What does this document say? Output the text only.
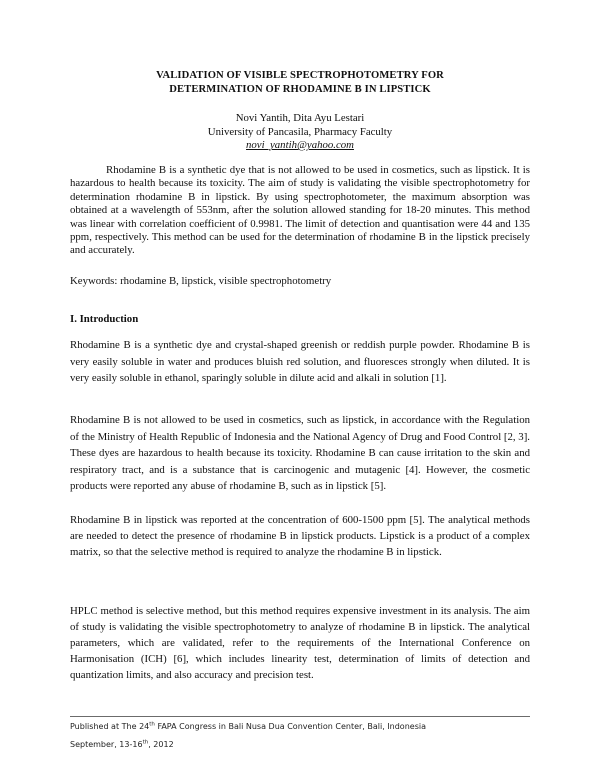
VALIDATION OF VISIBLE SPECTROPHOTOMETRY FOR
DETERMINATION OF RHODAMINE B IN LIPSTICK
Novi Yantih, Dita Ayu Lestari
University of Pancasila, Pharmacy Faculty
novi_yantih@yahoo.com

Rhodamine B is a synthetic dye that is not allowed to be used in cosmetics, such as lipstick. It is hazardous to health because its toxicity. The aim of study is validating the visible spectrophotometry for determination rhodamine B in lipstick. By using spectrophotometer, the maximum absorption was obtained at a wavelength of 553nm, after the solution allowed standing for 18-20 minutes. This method was linear with correlation coefficient of 0.9981. The limit of detection and quantisation were 44 and 135 ppm, respectively. This method can be used for the determination of rhodamine B in the lipstick precisely and accurately.

Keywords: rhodamine B, lipstick, visible spectrophotometry

I. Introduction

Rhodamine B is a synthetic dye and crystal-shaped greenish or reddish purple powder. Rhodamine B is very easily soluble in water and produces bluish red solution, and fluoresces strongly when diluted. It is very easily soluble in ethanol, sparingly soluble in dilute acid and alkali in solution [1].

Rhodamine B is not allowed to be used in cosmetics, such as lipstick, in accordance with the Regulation of the Ministry of Health Republic of Indonesia and the National Agency of Drug and Food Control [2, 3]. These dyes are hazardous to health because its toxicity. Rhodamine B can cause irritation to the skin and respiratory tract, and is a substance that is carcinogenic and mutagenic [4]. However, the cosmetic products were reported any abuse of rhodamine B, such as in lipstick [5].

Rhodamine B in lipstick was reported at the concentration of 600-1500 ppm [5]. The analytical methods are needed to detect the presence of rhodamine B in lipstick products. Lipstick is a product of a complex matrix, so that the selective method is required to analyze the rhodamine B in lipstick.

HPLC method is selective method, but this method requires expensive investment in its analysis. The aim of study is validating the visible spectrophotometry to analyze of rhodamine B in lipstick. The analytical parameters, which are validated, refer to the requirements of the International Conference on Harmonisation (ICH) [6], which includes linearity test, determination of limits of detection and quantization limits, and also accuracy and precision test.

Published at The 24th FAPA Congress in Bali Nusa Dua Convention Center, Bali, Indonesia
September, 13-16th, 2012
